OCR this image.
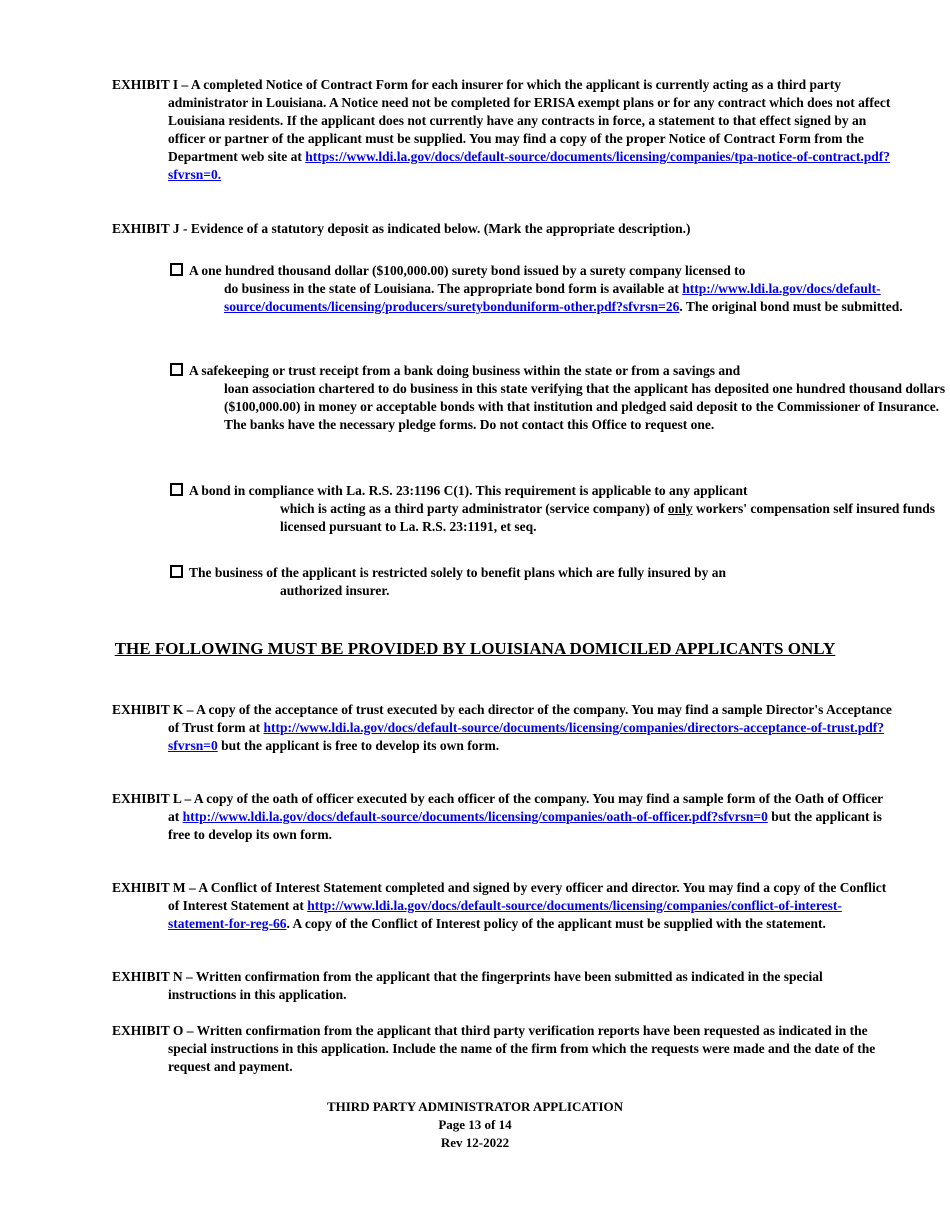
EXHIBIT I – A completed Notice of Contract Form for each insurer for which the applicant is currently acting as a third party administrator in Louisiana. A Notice need not be completed for ERISA exempt plans or for any contract which does not affect Louisiana residents. If the applicant does not currently have any contracts in force, a statement to that effect signed by an officer or partner of the applicant must be supplied. You may find a copy of the proper Notice of Contract Form from the Department web site at https://www.ldi.la.gov/docs/default-source/documents/licensing/companies/tpa-notice-of-contract.pdf?sfvrsn=0.

EXHIBIT J - Evidence of a statutory deposit as indicated below. (Mark the appropriate description.)

A one hundred thousand dollar ($100,000.00) surety bond issued by a surety company licensed to
do business in the state of Louisiana. The appropriate bond form is available at http://www.ldi.la.gov/docs/default-source/documents/licensing/producers/suretybonduniform-other.pdf?sfvrsn=26. The original bond must be submitted.
A safekeeping or trust receipt from a bank doing business within the state or from a savings and
loan association chartered to do business in this state verifying that the applicant has deposited one hundred thousand dollars ($100,000.00) in money or acceptable bonds with that institution and pledged said deposit to the Commissioner of Insurance. The banks have the necessary pledge forms. Do not contact this Office to request one.
A bond in compliance with La. R.S. 23:1196 C(1). This requirement is applicable to any applicant
which is acting as a third party administrator (service company) of only workers' compensation self insured funds licensed pursuant to La. R.S. 23:1191, et seq.
The business of the applicant is restricted solely to benefit plans which are fully insured by an
authorized insurer.
THE FOLLOWING MUST BE PROVIDED BY LOUISIANA DOMICILED APPLICANTS ONLY

EXHIBIT K – A copy of the acceptance of trust executed by each director of the company. You may find a sample Director's Acceptance of Trust form at http://www.ldi.la.gov/docs/default-source/documents/licensing/companies/directors-acceptance-of-trust.pdf?sfvrsn=0 but the applicant is free to develop its own form.

EXHIBIT L – A copy of the oath of officer executed by each officer of the company. You may find a sample form of the Oath of Officer at http://www.ldi.la.gov/docs/default-source/documents/licensing/companies/oath-of-officer.pdf?sfvrsn=0 but the applicant is free to develop its own form.

EXHIBIT M – A Conflict of Interest Statement completed and signed by every officer and director. You may find a copy of the Conflict of Interest Statement at http://www.ldi.la.gov/docs/default-source/documents/licensing/companies/conflict-of-interest-statement-for-reg-66. A copy of the Conflict of Interest policy of the applicant must be supplied with the statement.

EXHIBIT N – Written confirmation from the applicant that the fingerprints have been submitted as indicated in the special instructions in this application.

EXHIBIT O – Written confirmation from the applicant that third party verification reports have been requested as indicated in the special instructions in this application. Include the name of the firm from which the requests were made and the date of the request and payment.

THIRD PARTY ADMINISTRATOR APPLICATION
Page 13 of 14
Rev 12-2022
